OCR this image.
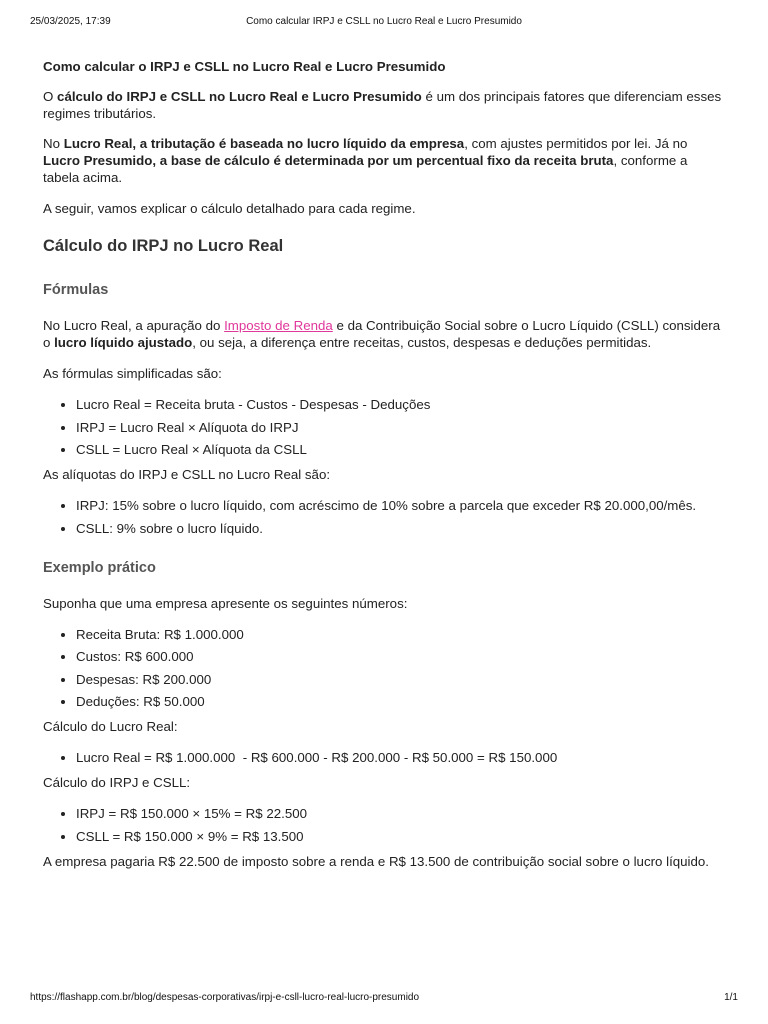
25/03/2025, 17:39	Como calcular IRPJ e CSLL no Lucro Real e Lucro Presumido

Como calcular o IRPJ e CSLL no Lucro Real e Lucro Presumido

O cálculo do IRPJ e CSLL no Lucro Real e Lucro Presumido é um dos principais fatores que diferenciam esses regimes tributários.

No Lucro Real, a tributação é baseada no lucro líquido da empresa, com ajustes permitidos por lei. Já no Lucro Presumido, a base de cálculo é determinada por um percentual fixo da receita bruta, conforme a tabela acima.

A seguir, vamos explicar o cálculo detalhado para cada regime.

Cálculo do IRPJ no Lucro Real
Fórmulas

No Lucro Real, a apuração do Imposto de Renda e da Contribuição Social sobre o Lucro Líquido (CSLL) considera o lucro líquido ajustado, ou seja, a diferença entre receitas, custos, despesas e deduções permitidas.

As fórmulas simplificadas são:

• Lucro Real = Receita bruta - Custos - Despesas - Deduções
• IRPJ = Lucro Real × Alíquota do IRPJ
• CSLL = Lucro Real × Alíquota da CSLL

As alíquotas do IRPJ e CSLL no Lucro Real são:

• IRPJ: 15% sobre o lucro líquido, com acréscimo de 10% sobre a parcela que exceder R$ 20.000,00/mês.
• CSLL: 9% sobre o lucro líquido.
Exemplo prático

Suponha que uma empresa apresente os seguintes números:

• Receita Bruta: R$ 1.000.000
• Custos: R$ 600.000
• Despesas: R$ 200.000
• Deduções: R$ 50.000

Cálculo do Lucro Real:

• Lucro Real = R$ 1.000.000  - R$ 600.000 - R$ 200.000 - R$ 50.000 = R$ 150.000

Cálculo do IRPJ e CSLL:

• IRPJ = R$ 150.000 × 15% = R$ 22.500
• CSLL = R$ 150.000 × 9% = R$ 13.500

A empresa pagaria R$ 22.500 de imposto sobre a renda e R$ 13.500 de contribuição social sobre o lucro líquido.

https://flashapp.com.br/blog/despesas-corporativas/irpj-e-csll-lucro-real-lucro-presumido	1/1
